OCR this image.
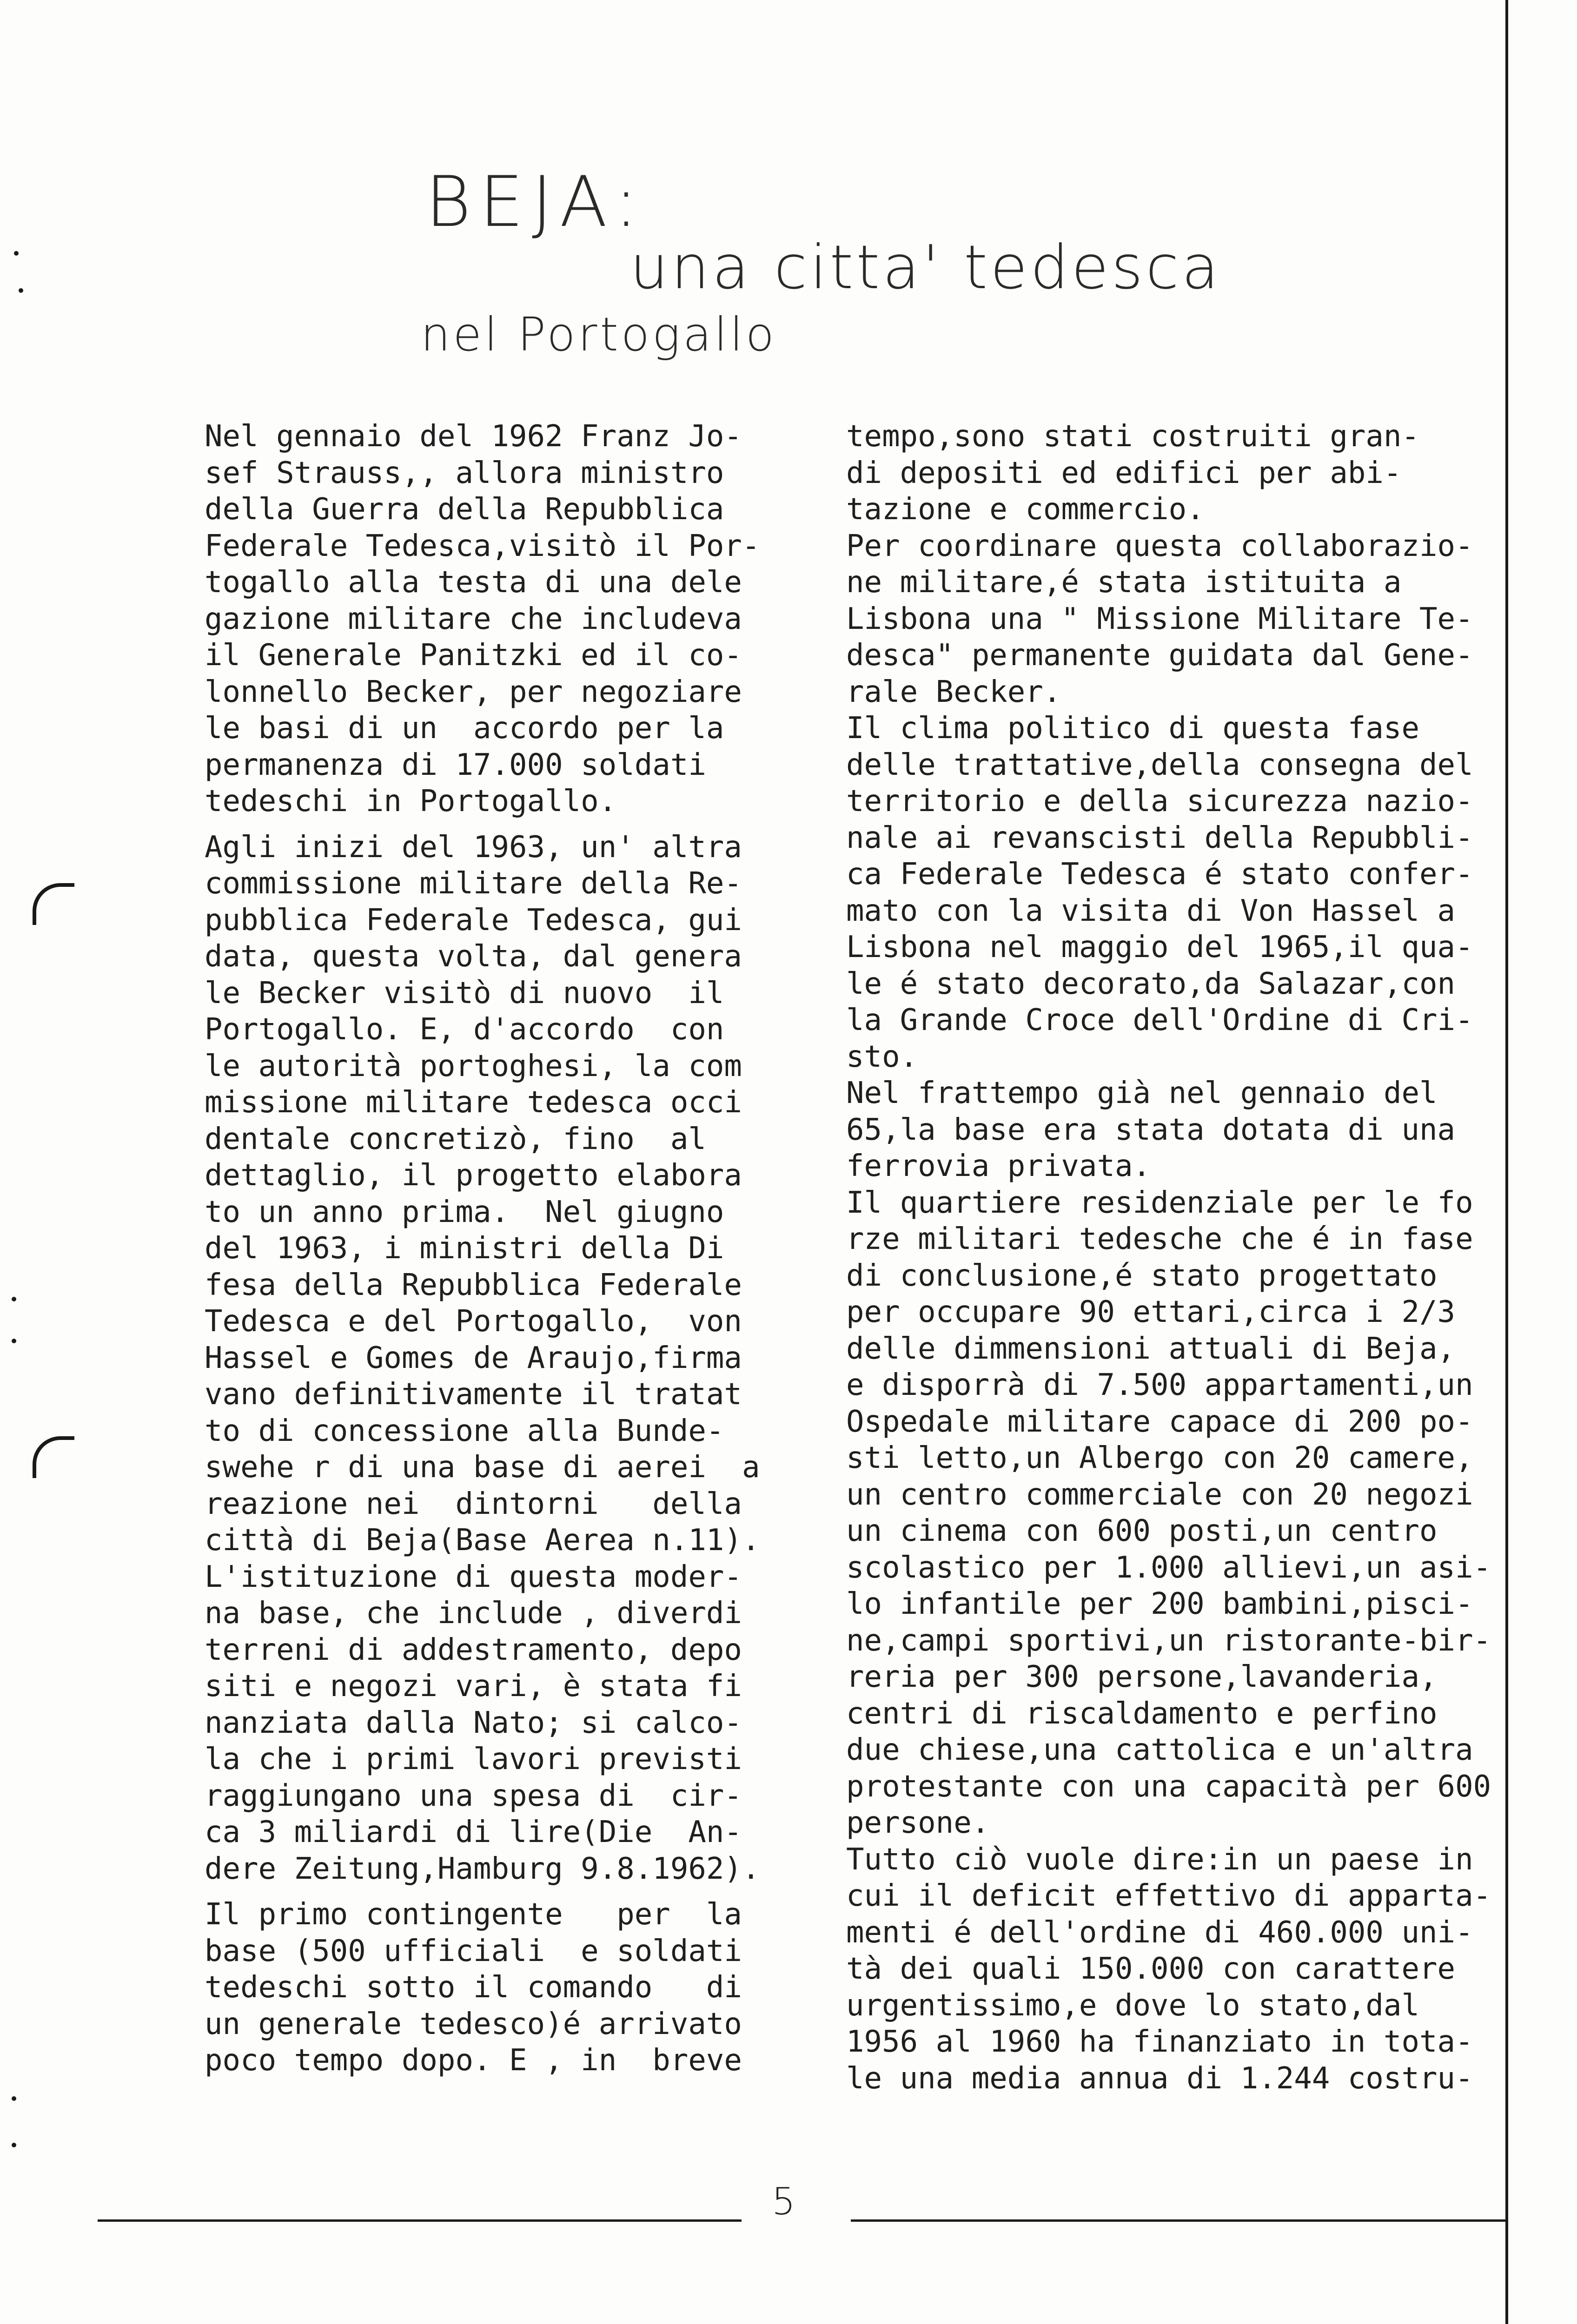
BEJA:
una citta' tedesca
nel Portogallo
Nel gennaio del 1962 Franz Jo-
sef Strauss,, allora ministro
della Guerra della Repubblica
Federale Tedesca,visitò il Por-
togallo alla testa di una dele
gazione militare che includeva
il Generale Panitzki ed il co-
lonnello Becker, per negoziare
le basi di un  accordo per la
permanenza di 17.000 soldati
tedeschi in Portogallo.
Agli inizi del 1963, un' altra
commissione militare della Re-
pubblica Federale Tedesca, gui
data, questa volta, dal genera
le Becker visitò di nuovo  il
Portogallo. E, d'accordo  con
le autorità portoghesi, la com
missione militare tedesca occi
dentale concretizò, fino  al
dettaglio, il progetto elabora
to un anno prima.  Nel giugno
del 1963, i ministri della Di
fesa della Repubblica Federale
Tedesca e del Portogallo,  von
Hassel e Gomes de Araujo,firma
vano definitivamente il tratat
to di concessione alla Bunde-
swehe r di una base di aerei  a
reazione nei  dintorni   della
città di Beja(Base Aerea n.11).
L'istituzione di questa moder-
na base, che include , diverdi
terreni di addestramento, depo
siti e negozi vari, è stata fi
nanziata dalla Nato; si calco-
la che i primi lavori previsti
raggiungano una spesa di  cir-
ca 3 miliardi di lire(Die  An-
dere Zeitung,Hamburg 9.8.1962).
Il primo contingente   per  la
base (500 ufficiali  e soldati
tedeschi sotto il comando   di
un generale tedesco)é arrivato
poco tempo dopo. E , in  breve
tempo,sono stati costruiti gran-
di depositi ed edifici per abi-
tazione e commercio.
Per coordinare questa collaborazio-
ne militare,é stata istituita a
Lisbona una " Missione Militare Te-
desca" permanente guidata dal Gene-
rale Becker.
Il clima politico di questa fase
delle trattative,della consegna del
territorio e della sicurezza nazio-
nale ai revanscisti della Repubbli-
ca Federale Tedesca é stato confer-
mato con la visita di Von Hassel a
Lisbona nel maggio del 1965,il qua-
le é stato decorato,da Salazar,con
la Grande Croce dell'Ordine di Cri-
sto.
Nel frattempo già nel gennaio del
65,la base era stata dotata di una
ferrovia privata.
Il quartiere residenziale per le fo
rze militari tedesche che é in fase
di conclusione,é stato progettato
per occupare 90 ettari,circa i 2/3
delle dimmensioni attuali di Beja,
e disporrà di 7.500 appartamenti,un
Ospedale militare capace di 200 po-
sti letto,un Albergo con 20 camere,
un centro commerciale con 20 negozi
un cinema con 600 posti,un centro
scolastico per 1.000 allievi,un asi-
lo infantile per 200 bambini,pisci-
ne,campi sportivi,un ristorante-bir-
reria per 300 persone,lavanderia,
centri di riscaldamento e perfino
due chiese,una cattolica e un'altra
protestante con una capacità per 600
persone.
Tutto ciò vuole dire:in un paese in
cui il deficit effettivo di apparta-
menti é dell'ordine di 460.000 uni-
tà dei quali 150.000 con carattere
urgentissimo,e dove lo stato,dal
1956 al 1960 ha finanziato in tota-
le una media annua di 1.244 costru-
5
